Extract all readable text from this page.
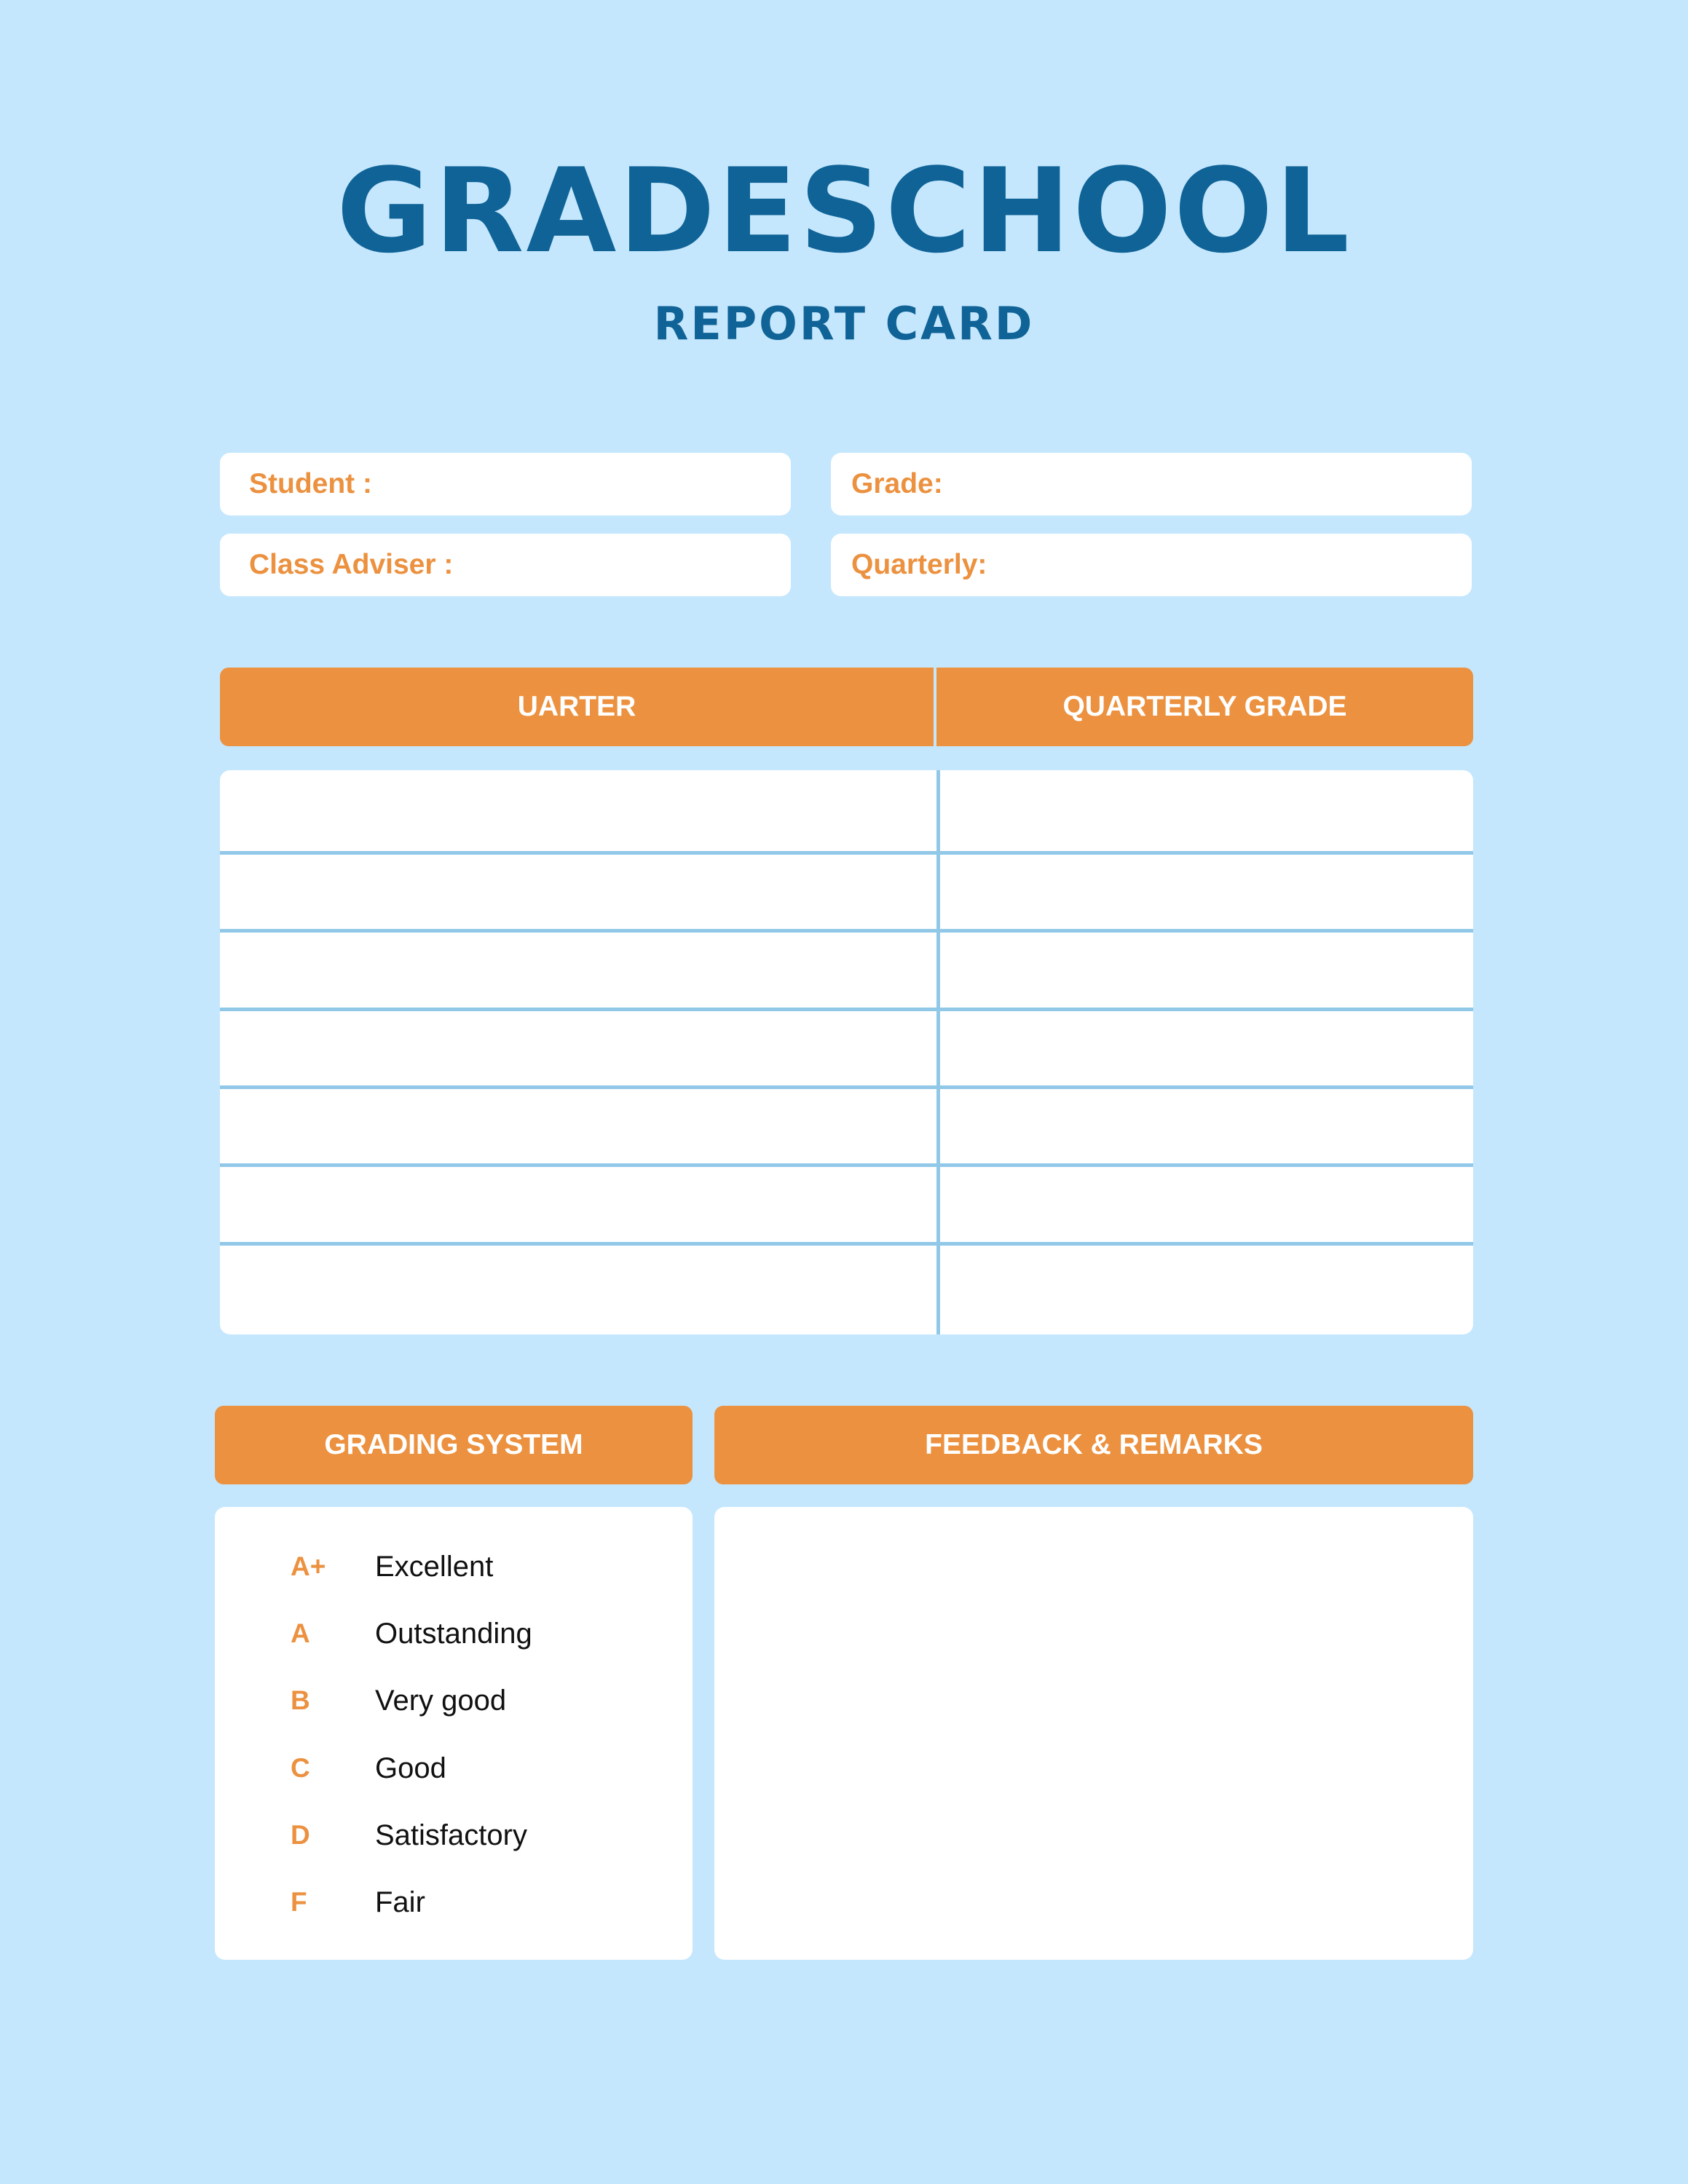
GRADESCHOOL
REPORT CARD
Student :	Grade:
Class Adviser :	Quarterly:
UARTER	QUARTERLY GRADE
GRADING SYSTEM
A+ Excellent
A Outstanding
B Very good
C Good
D Satisfactory
F Fair
FEEDBACK & REMARKS
